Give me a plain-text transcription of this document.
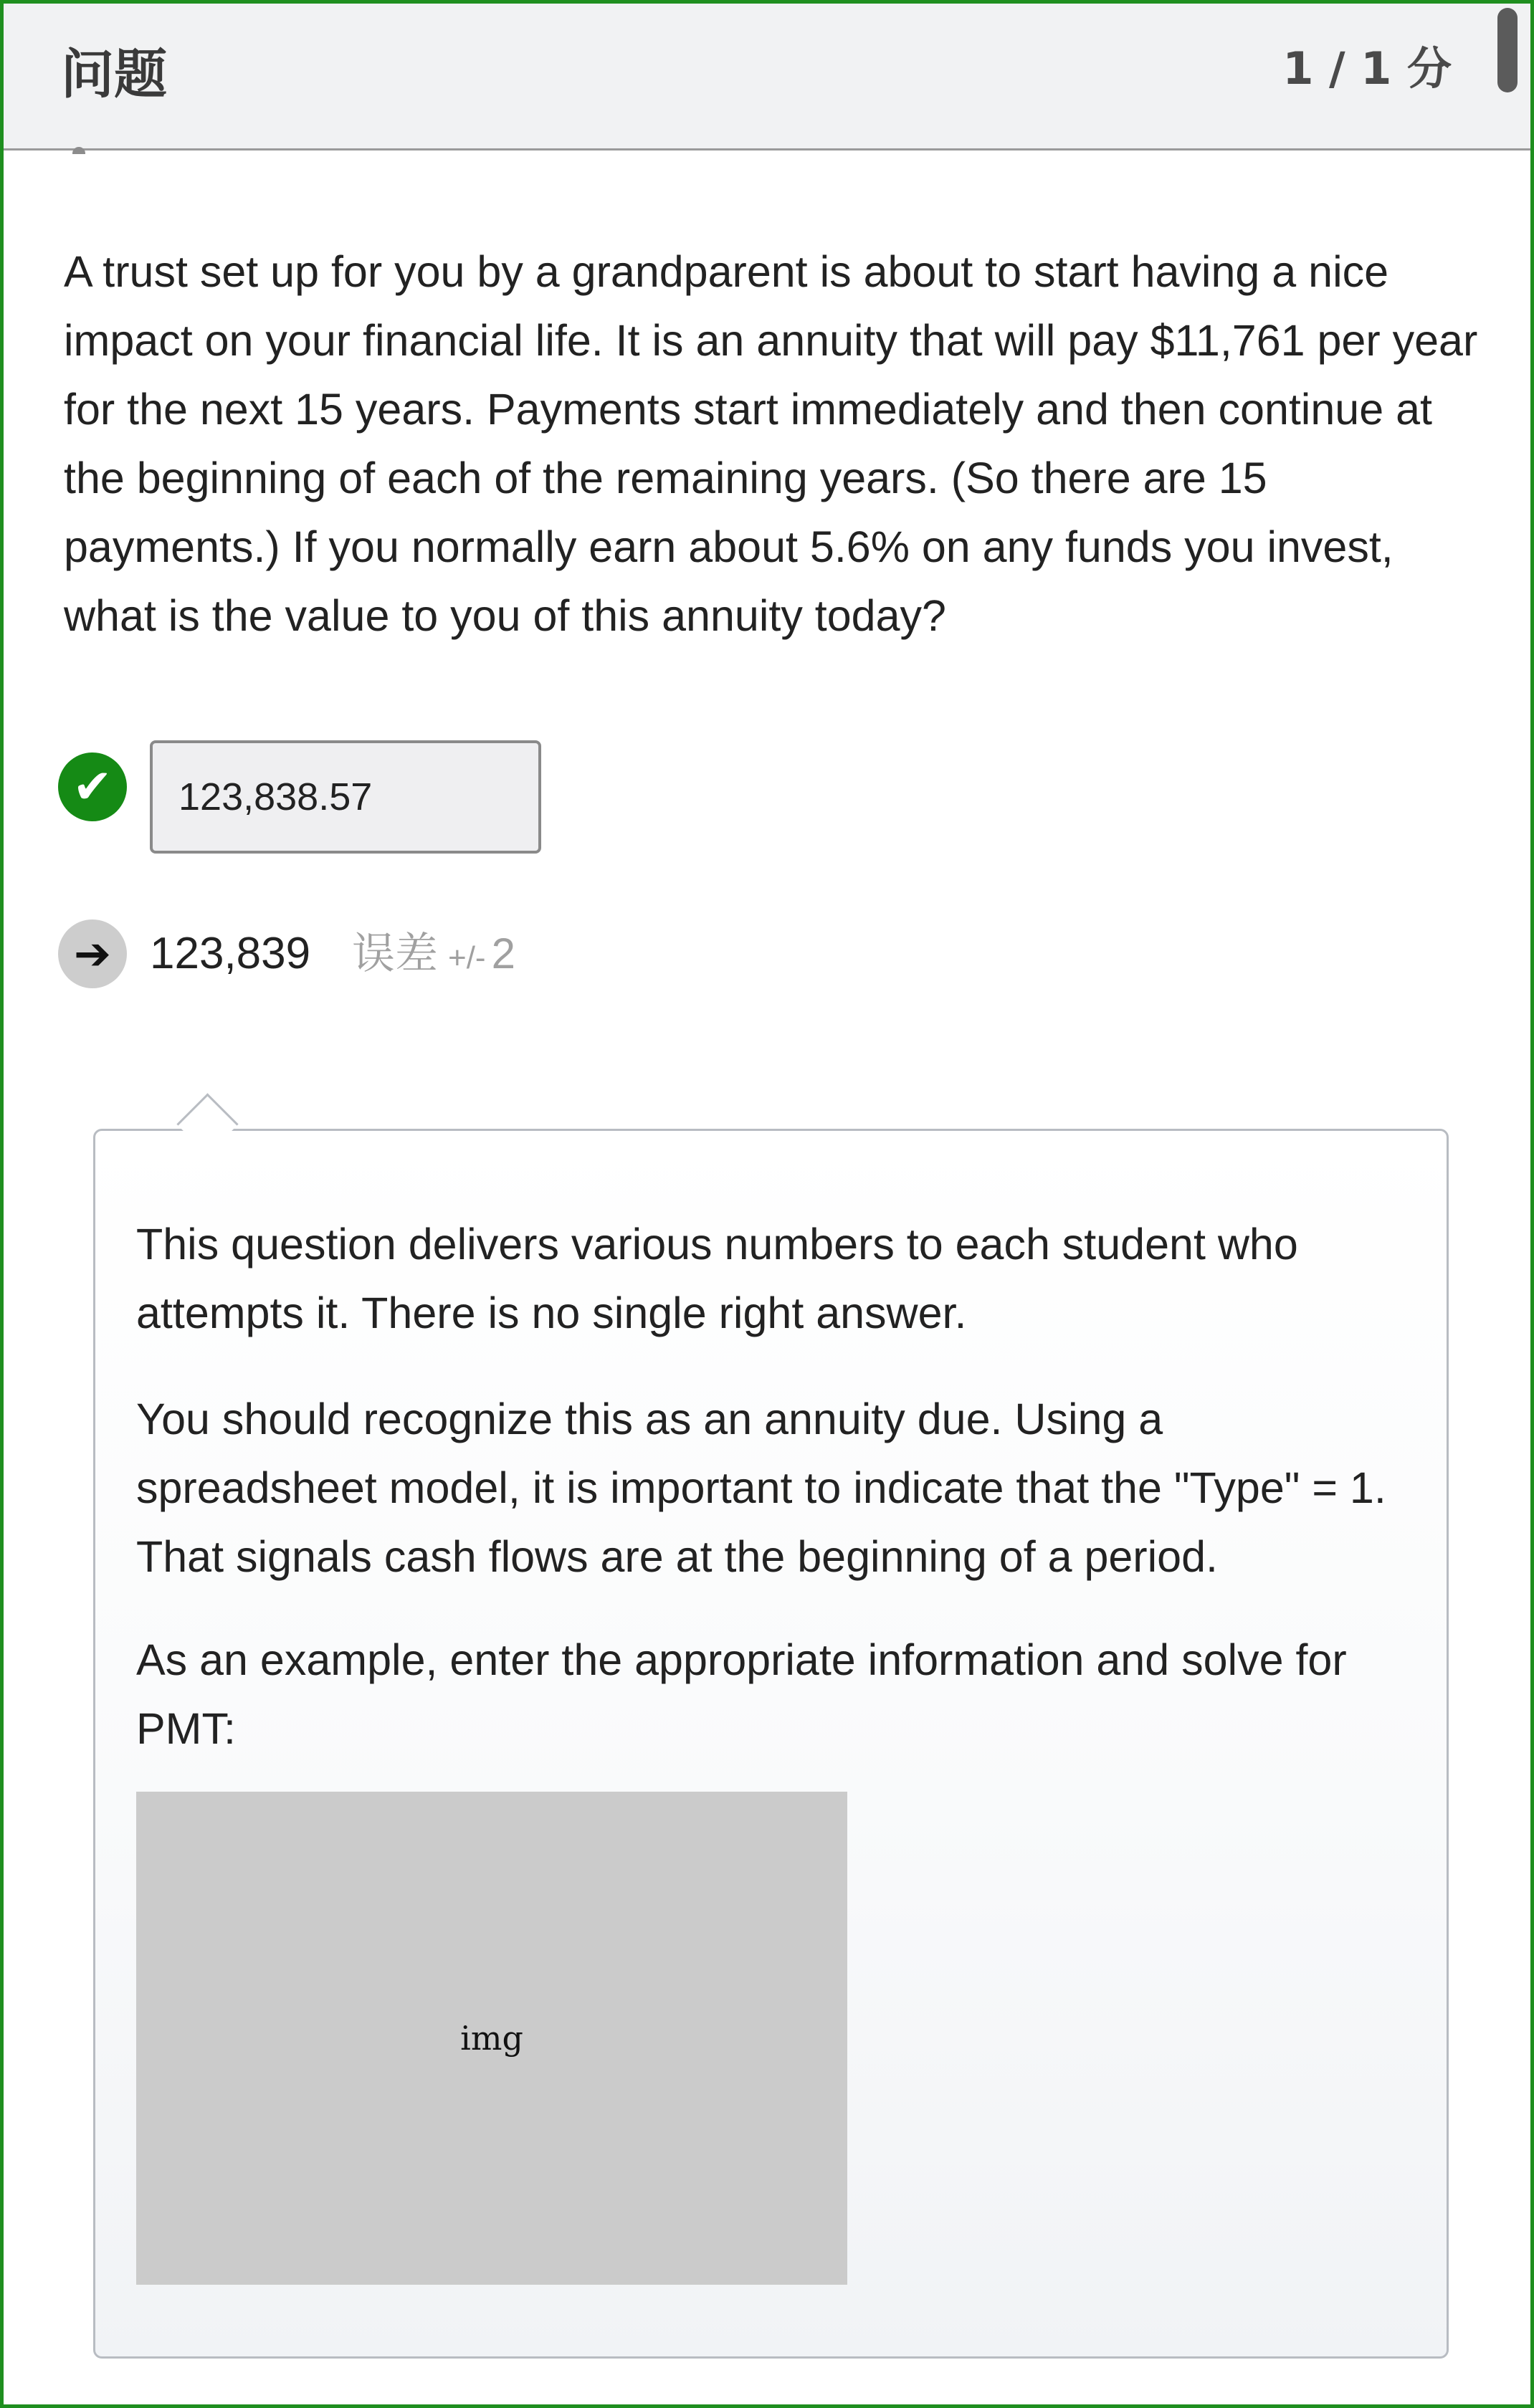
问题	1 / 1 分
A trust set up for you by a grandparent is about to start having a nice impact on your financial life. It is an annuity that will pay $11,761 per year for the next 15 years. Payments start immediately and then continue at the beginning of each of the remaining years. (So there are 15 payments.) If you normally earn about 5.6% on any funds you invest, what is the value to you of this annuity today?
✔
123,838.57
➔ 123,839 误差 +/- 2
This question delivers various numbers to each student who attempts it. There is no single right answer.
You should recognize this as an annuity due. Using a spreadsheet model, it is important to indicate that the "Type" = 1. That signals cash flows are at the beginning of a period.
As an example, enter the appropriate information and solve for PMT:
img
